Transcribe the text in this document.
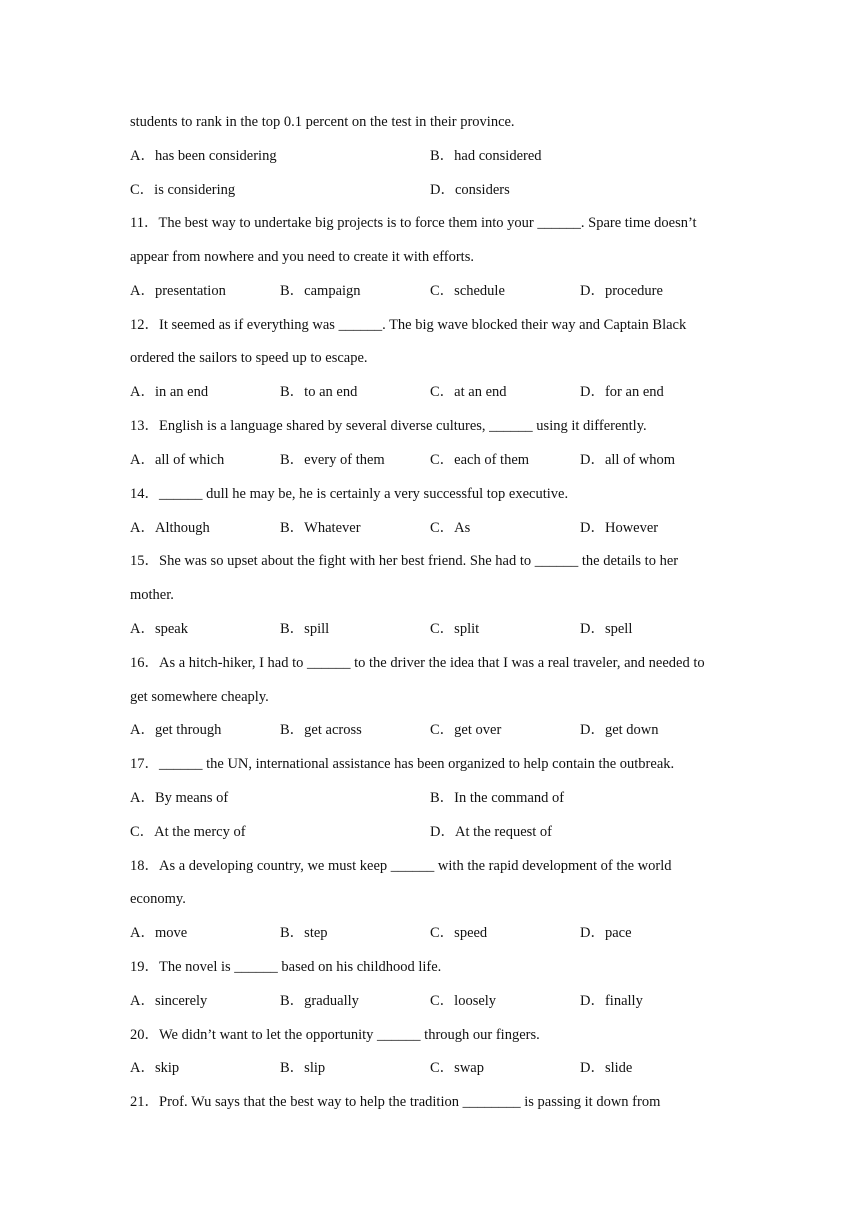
students to rank in the top 0.1 percent on the test in their province.
A．has been considering	B．had considered
C．is considering	D．considers
11．The best way to undertake big projects is to force them into your ______. Spare time doesn’t
appear from nowhere and you need to create it with efforts.
A．presentation	B．campaign	C．schedule	D．procedure
12．It seemed as if everything was ______. The big wave blocked their way and Captain Black
ordered the sailors to speed up to escape.
A．in an end	B．to an end	C．at an end	D．for an end
13．English is a language shared by several diverse cultures, ______ using it differently.
A．all of which	B．every of them	C．each of them	D．all of whom
14．______ dull he may be, he is certainly a very successful top executive.
A．Although	B．Whatever	C．As	D．However
15．She was so upset about the fight with her best friend. She had to ______ the details to her
mother.
A．speak	B．spill	C．split	D．spell
16．As a hitch-hiker, I had to ______ to the driver the idea that I was a real traveler, and needed to
get somewhere cheaply.
A．get through	B．get across	C．get over	D．get down
17．______ the UN, international assistance has been organized to help contain the outbreak.
A．By means of	B．In the command of
C．At the mercy of	D．At the request of
18．As a developing country, we must keep ______ with the rapid development of the world
economy.
A．move	B．step	C．speed	D．pace
19．The novel is ______ based on his childhood life.
A．sincerely	B．gradually	C．loosely	D．finally
20．We didn’t want to let the opportunity ______ through our fingers.
A．skip	B．slip	C．swap	D．slide
21．Prof. Wu says that the best way to help the tradition ________ is passing it down from
